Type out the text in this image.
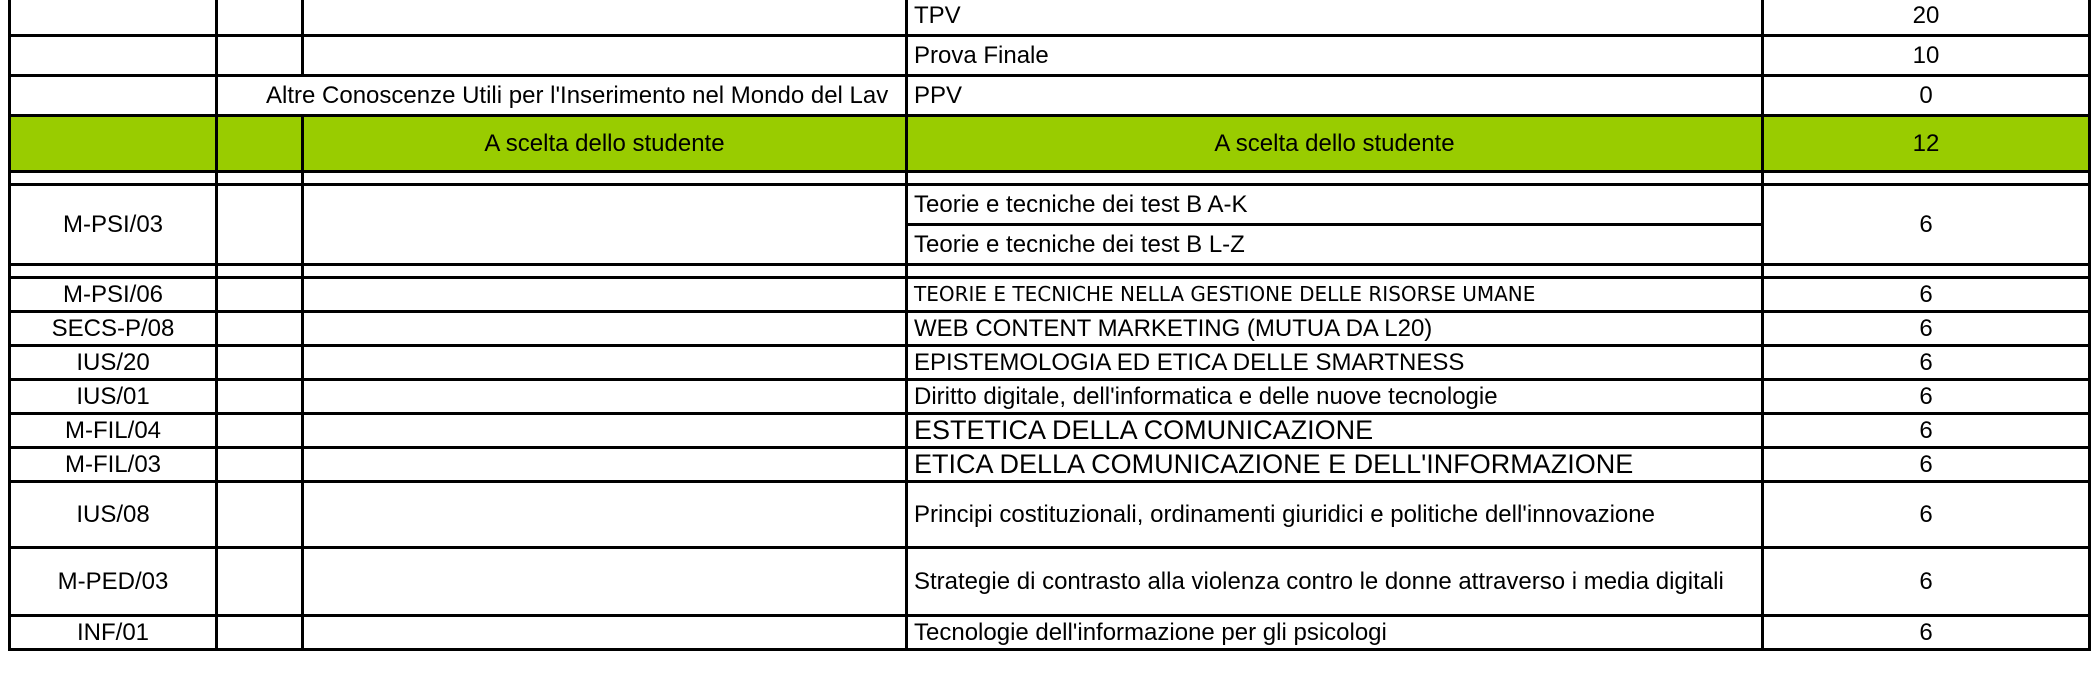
			TPV	20
			Prova Finale	10
	Altre Conoscenze Utili per l'Inserimento nel Mondo del Lav		PPV	0
		A scelta dello studente	A scelta dello studente	12

M-PSI/03			Teorie e tecniche dei test B A-K	6
			Teorie e tecniche dei test B L-Z	

M-PSI/06			TEORIE E TECNICHE NELLA GESTIONE DELLE RISORSE UMANE	6
SECS-P/08			WEB CONTENT MARKETING (MUTUA DA L20)	6
IUS/20			EPISTEMOLOGIA ED ETICA DELLE SMARTNESS	6
IUS/01			Diritto digitale, dell'informatica e delle nuove tecnologie	6
M-FIL/04			ESTETICA DELLA COMUNICAZIONE	6
M-FIL/03			ETICA DELLA COMUNICAZIONE E DELL'INFORMAZIONE	6
IUS/08			Principi costituzionali, ordinamenti giuridici e politiche dell'innovazione	6
M-PED/03			Strategie di contrasto alla violenza contro le donne attraverso i media digitali	6
INF/01			Tecnologie dell'informazione per gli psicologi	6
